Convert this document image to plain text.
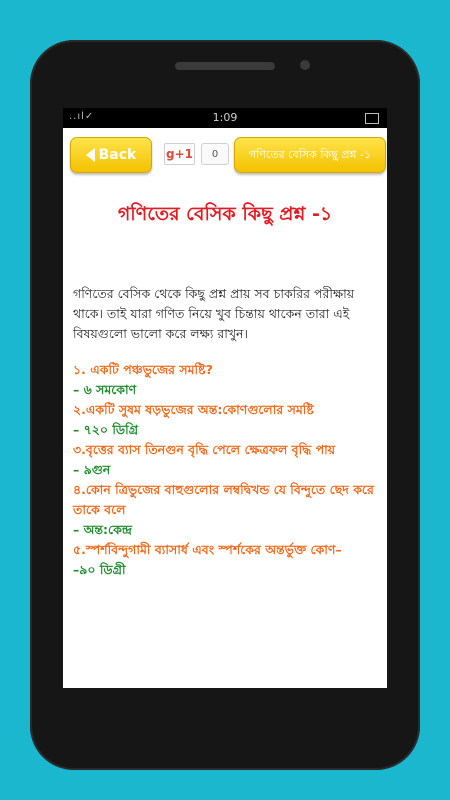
..ıl✓	1:09
Back g+1	0	গণিতের বেসিক কিছু প্রশ্ন -১
গণিতের বেসিক কিছু প্রশ্ন -১
গণিতের বেসিক থেকে কিছু প্রশ্ন প্রায় সব চাকরির পরীক্ষায় থাকে। তাই যারা গণিত নিয়ে খুব চিন্তায় থাকেন তারা এই বিষয়গুলো ভালো করে লক্ষ্য রাখুন।
১. একটি পঞ্চভুজের সমষ্টি?
– ৬ সমকোণ
২.একটি সুষম ষড়ভুজের অন্ত:কোণগুলোর সমষ্টি
– ৭২০ ডিগ্রি
৩.বৃত্তের ব্যাস তিনগুন বৃদ্ধি পেলে ক্ষেত্রফল বৃদ্ধি পায়
– ৯গুন
৪.কোন ত্রিভুজের বাহুগুলোর লম্বদ্বিখন্ড যে বিন্দুতে ছেদ করে তাকে বলে
– অন্ত:কেন্দ্র
৫.স্পর্শবিন্দুগামী ব্যাসার্ধ এবং স্পর্শকের অন্তর্ভুক্ত কোণ–
–৯০ ডিগ্রী
